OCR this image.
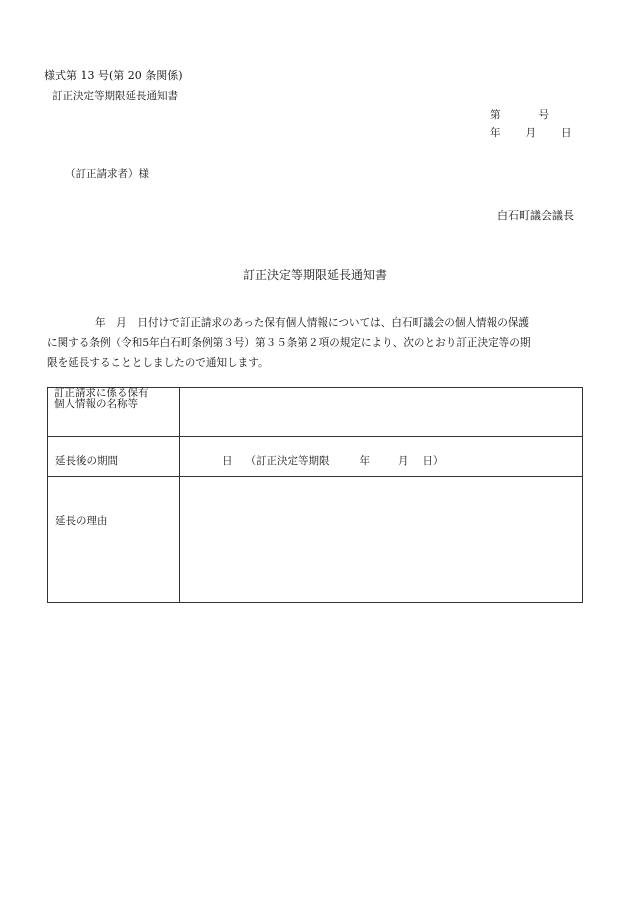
様式第 13 号(第 20 条関係)
訂正決定等期限延長通知書
第	号
年 月 日
（訂正請求者）様
白石町議会議長
訂正決定等期限延長通知書
年　月　日付けで訂正請求のあった保有個人情報については、白石町議会の個人情報の保護
に関する条例（令和5年白石町条例第３号）第３５条第２項の規定により、次のとおり訂正決定等の期
限を延長することとしましたので通知します。
訂正請求に係る保有
個人情報の名称等	

延長後の期間	日 （訂正決定等期限 年 月 日）

延長の理由	
